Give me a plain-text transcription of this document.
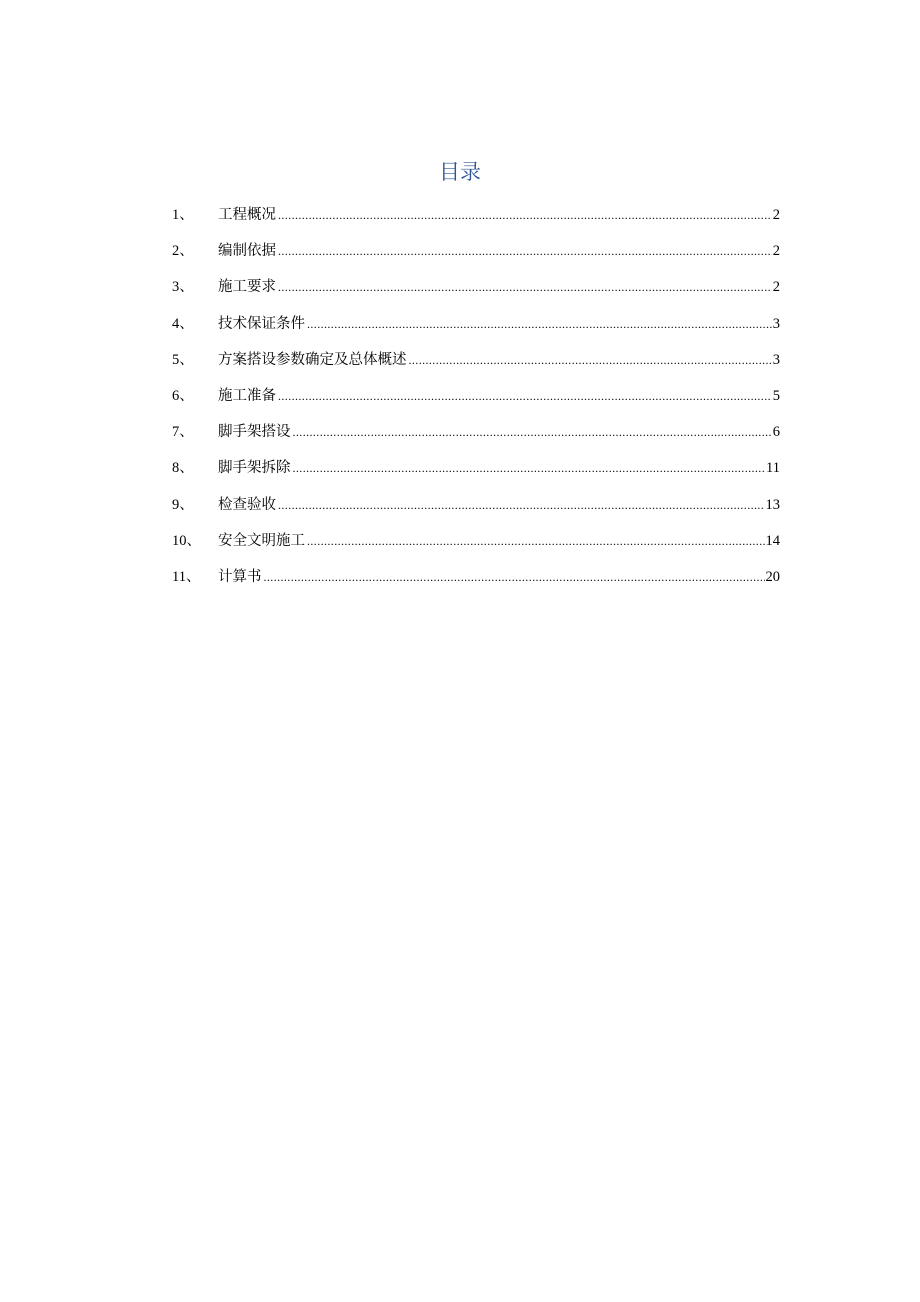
目录
1、	工程概况 .....	2
2、	编制依据 .....	2
3、	施工要求 .....	2
4、	技术保证条件 .....	3
5、	方案搭设参数确定及总体概述 .....	3
6、	施工准备 .....	5
7、	脚手架搭设 .....	6
8、	脚手架拆除 .....	11
9、	检查验收 .....	13
10、	安全文明施工 .....	14
11、	计算书 .....	20
